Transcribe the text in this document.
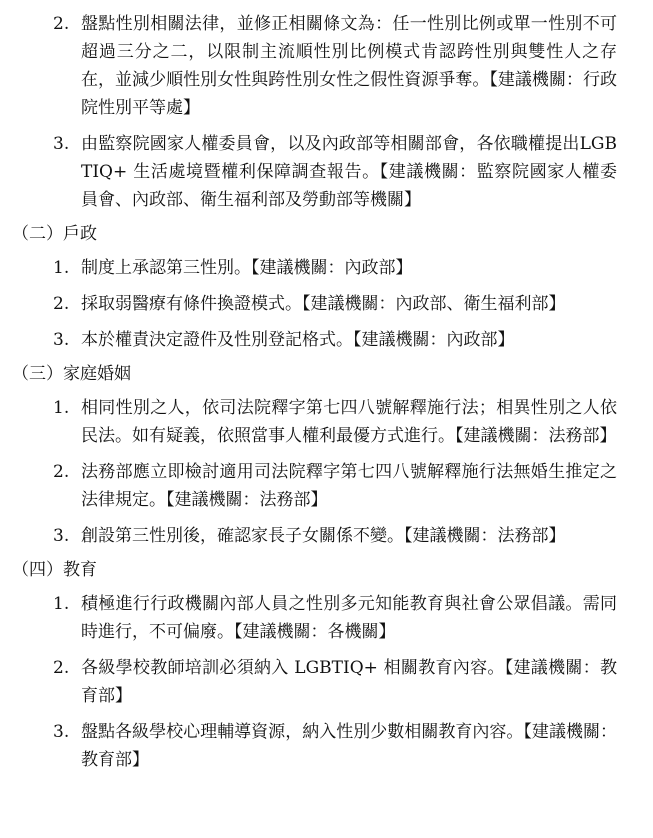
2. 盤點性別相關法律，並修正相關條文為：任一性別比例或單一性別不可超過三分之二，以限制主流順性別比例模式肯認跨性別與雙性人之存在，並減少順性別女性與跨性別女性之假性資源爭奪。【建議機關：行政院性別平等處】
3. 由監察院國家人權委員會，以及內政部等相關部會，各依職權提出LGBTIQ+ 生活處境暨權利保障調查報告。【建議機關：監察院國家人權委員會、內政部、衛生福利部及勞動部等機關】
（二）戶政
1. 制度上承認第三性別。【建議機關：內政部】
2. 採取弱醫療有條件換證模式。【建議機關：內政部、衛生福利部】
3. 本於權責決定證件及性別登記格式。【建議機關：內政部】
（三）家庭婚姻
1. 相同性別之人，依司法院釋字第七四八號解釋施行法；相異性別之人依民法。如有疑義，依照當事人權利最優方式進行。【建議機關：法務部】
2. 法務部應立即檢討適用司法院釋字第七四八號解釋施行法無婚生推定之法律規定。【建議機關：法務部】
3. 創設第三性別後，確認家長子女關係不變。【建議機關：法務部】
（四）教育
1. 積極進行行政機關內部人員之性別多元知能教育與社會公眾倡議。需同時進行，不可偏廢。【建議機關：各機關】
2. 各級學校教師培訓必須納入 LGBTIQ+ 相關教育內容。【建議機關：教育部】
3. 盤點各級學校心理輔導資源，納入性別少數相關教育內容。【建議機關：教育部】
